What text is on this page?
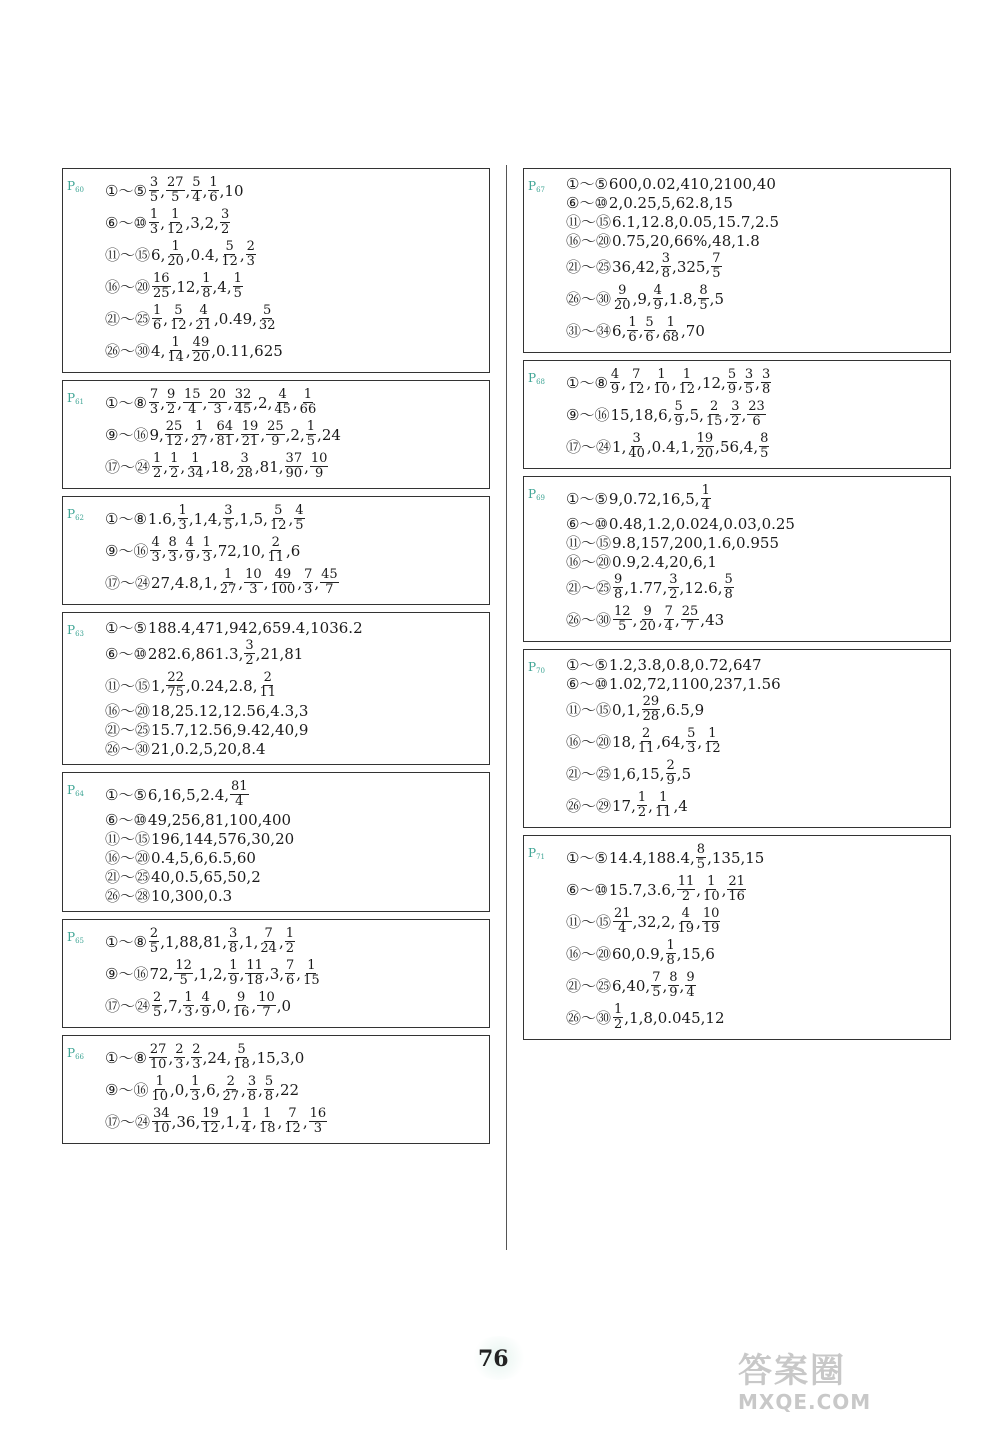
$P_{60}$ ①～⑤ $\frac{3}{5}$ , $\frac{27}{5}$ , $\frac{5}{4}$ , $\frac{1}{6}$ , 10
⑥～⑩ $\frac{1}{3}$ , $\frac{1}{12}$ , 3,2 , $\frac{3}{2}$
⑪～⑮ 6 , $\frac{1}{20}$ , 0.4 , $\frac{5}{12}$ , $\frac{2}{3}$
⑯～⑳ $\frac{16}{25}$ , 12 , $\frac{1}{8}$ , 4 , $\frac{1}{5}$
㉑～㉕ $\frac{1}{6}$ , $\frac{5}{12}$ , $\frac{4}{21}$ , 0.49 , $\frac{5}{32}$
㉖～㉚ 4 , $\frac{1}{14}$ , $\frac{49}{20}$ , 0.11,625
$P_{61}$ ①～⑧ $\frac{7}{3}$ , $\frac{9}{2}$ , $\frac{15}{4}$ , $\frac{20}{3}$ , $\frac{32}{45}$ , 2 , $\frac{4}{45}$ , $\frac{1}{66}$
⑨～⑯ 9 , $\frac{25}{12}$ , $\frac{1}{27}$ , $\frac{64}{81}$ , $\frac{19}{21}$ , $\frac{25}{9}$ , 2 , $\frac{1}{5}$ , 24
⑰～㉔ $\frac{1}{2}$ , $\frac{1}{2}$ , $\frac{1}{34}$ , 18 , $\frac{3}{28}$ , 81 , $\frac{37}{90}$ , $\frac{10}{9}$
$P_{62}$ ①～⑧ 1.6 , $\frac{1}{3}$ , 1,4 , $\frac{3}{5}$ , 1,5 , $\frac{5}{12}$ , $\frac{4}{5}$
⑨～⑯ $\frac{4}{3}$ , $\frac{8}{3}$ , $\frac{4}{9}$ , $\frac{1}{3}$ , 72,10 , $\frac{2}{11}$ , 6
⑰～㉔ 27,4.8,1 , $\frac{1}{27}$ , $\frac{10}{3}$ , $\frac{49}{100}$ , $\frac{7}{3}$ , $\frac{45}{7}$
$P_{63}$ ①～⑤ 188.4,471,942,659.4,1036.2
⑥～⑩ 282.6,861.3 , $\frac{3}{2}$ , 21,81
⑪～⑮ 1 , $\frac{22}{75}$ , 0.24,2.8 , $\frac{2}{11}$
⑯～⑳ 18,25.12,12.56,4.3,3
㉑～㉕ 15.7,12.56,9.42,40,9
㉖～㉚ 21,0.2,5,20,8.4
$P_{64}$ ①～⑤ 6,16,5,2.4 , $\frac{81}{4}$
⑥～⑩ 49,256,81,100,400
⑪～⑮ 196,144,576,30,20
⑯～⑳ 0.4,5,6,6.5,60
㉑～㉕ 40,0.5,65,50,2
㉖～㉘ 10,300,0.3
$P_{65}$ ①～⑧ $\frac{2}{5}$ , 1,88,81 , $\frac{3}{8}$ , 1 , $\frac{7}{24}$ , $\frac{1}{2}$
⑨～⑯ 72 , $\frac{12}{5}$ , 1,2 , $\frac{1}{9}$ , $\frac{11}{18}$ , 3 , $\frac{7}{6}$ , $\frac{1}{15}$
⑰～㉔ $\frac{2}{5}$ , 7 , $\frac{1}{3}$ , $\frac{4}{9}$ , 0 , $\frac{9}{16}$ , $\frac{10}{7}$ , 0
$P_{66}$ ①～⑧ $\frac{27}{10}$ , $\frac{2}{3}$ , $\frac{2}{3}$ , 24 , $\frac{5}{18}$ , 15,3,0
⑨～⑯ $\frac{1}{10}$ , 0 , $\frac{1}{3}$ , 6 , $\frac{2}{27}$ , $\frac{3}{8}$ , $\frac{5}{8}$ , 22
⑰～㉔ $\frac{34}{10}$ , 36 , $\frac{19}{12}$ , 1 , $\frac{1}{4}$ , $\frac{1}{18}$ , $\frac{7}{12}$ , $\frac{16}{3}$
$P_{67}$ ①～⑤ 600,0.02,410,2100,40
⑥～⑩ 2,0.25,5,62.8,15
⑪～⑮ 6.1,12.8,0.05,15.7,2.5
⑯～⑳ 0.75,20,66%,48,1.8
㉑～㉕ 36,42 , $\frac{3}{8}$ , 325 , $\frac{7}{5}$
㉖～㉚ $\frac{9}{20}$ , 9 , $\frac{4}{9}$ , 1.8 , $\frac{8}{5}$ , 5
㉛～㉞ 6 , $\frac{1}{6}$ , $\frac{5}{6}$ , $\frac{1}{68}$ , 70
$P_{68}$ ①～⑧ $\frac{4}{9}$ , $\frac{7}{12}$ , $\frac{1}{10}$ , $\frac{1}{12}$ , 12 , $\frac{5}{9}$ , $\frac{3}{5}$ , $\frac{3}{8}$
⑨～⑯ 15,18,6 , $\frac{5}{9}$ , 5 , $\frac{2}{15}$ , $\frac{3}{2}$ , $\frac{23}{6}$
⑰～㉔ 1 , $\frac{3}{40}$ , 0.4,1 , $\frac{19}{20}$ , 56,4 , $\frac{8}{5}$
$P_{69}$ ①～⑤ 9,0.72,16,5 , $\frac{1}{4}$
⑥～⑩ 0.48,1.2,0.024,0.03,0.25
⑪～⑮ 9.8,157,200,1.6,0.955
⑯～⑳ 0.9,2.4,20,6,1
㉑～㉕ $\frac{9}{8}$ , 1.77 , $\frac{3}{2}$ , 12.6 , $\frac{5}{8}$
㉖～㉚ $\frac{12}{5}$ , $\frac{9}{20}$ , $\frac{7}{4}$ , $\frac{25}{7}$ , 43
$P_{70}$ ①～⑤ 1.2,3.8,0.8,0.72,647
⑥～⑩ 1.02,72,1100,237,1.56
⑪～⑮ 0,1 , $\frac{29}{28}$ , 6.5,9
⑯～⑳ 18 , $\frac{2}{11}$ , 64 , $\frac{5}{3}$ , $\frac{1}{12}$
㉑～㉕ 1,6,15 , $\frac{2}{9}$ , 5
㉖～㉙ 17 , $\frac{1}{2}$ , $\frac{1}{11}$ , 4
$P_{71}$ ①～⑤ 14.4,188.4 , $\frac{8}{5}$ , 135,15
⑥～⑩ 15.7,3.6 , $\frac{11}{2}$ , $\frac{1}{10}$ , $\frac{21}{16}$
⑪～⑮ $\frac{21}{4}$ , 32,2 , $\frac{4}{19}$ , $\frac{10}{19}$
⑯～⑳ 60,0.9 , $\frac{1}{8}$ , 15,6
㉑～㉕ 6,40 , $\frac{7}{5}$ , $\frac{8}{9}$ , $\frac{9}{4}$
㉖～㉚ $\frac{1}{2}$ , 1,8,0.045,12
76	答案圈
MXQE.COM
